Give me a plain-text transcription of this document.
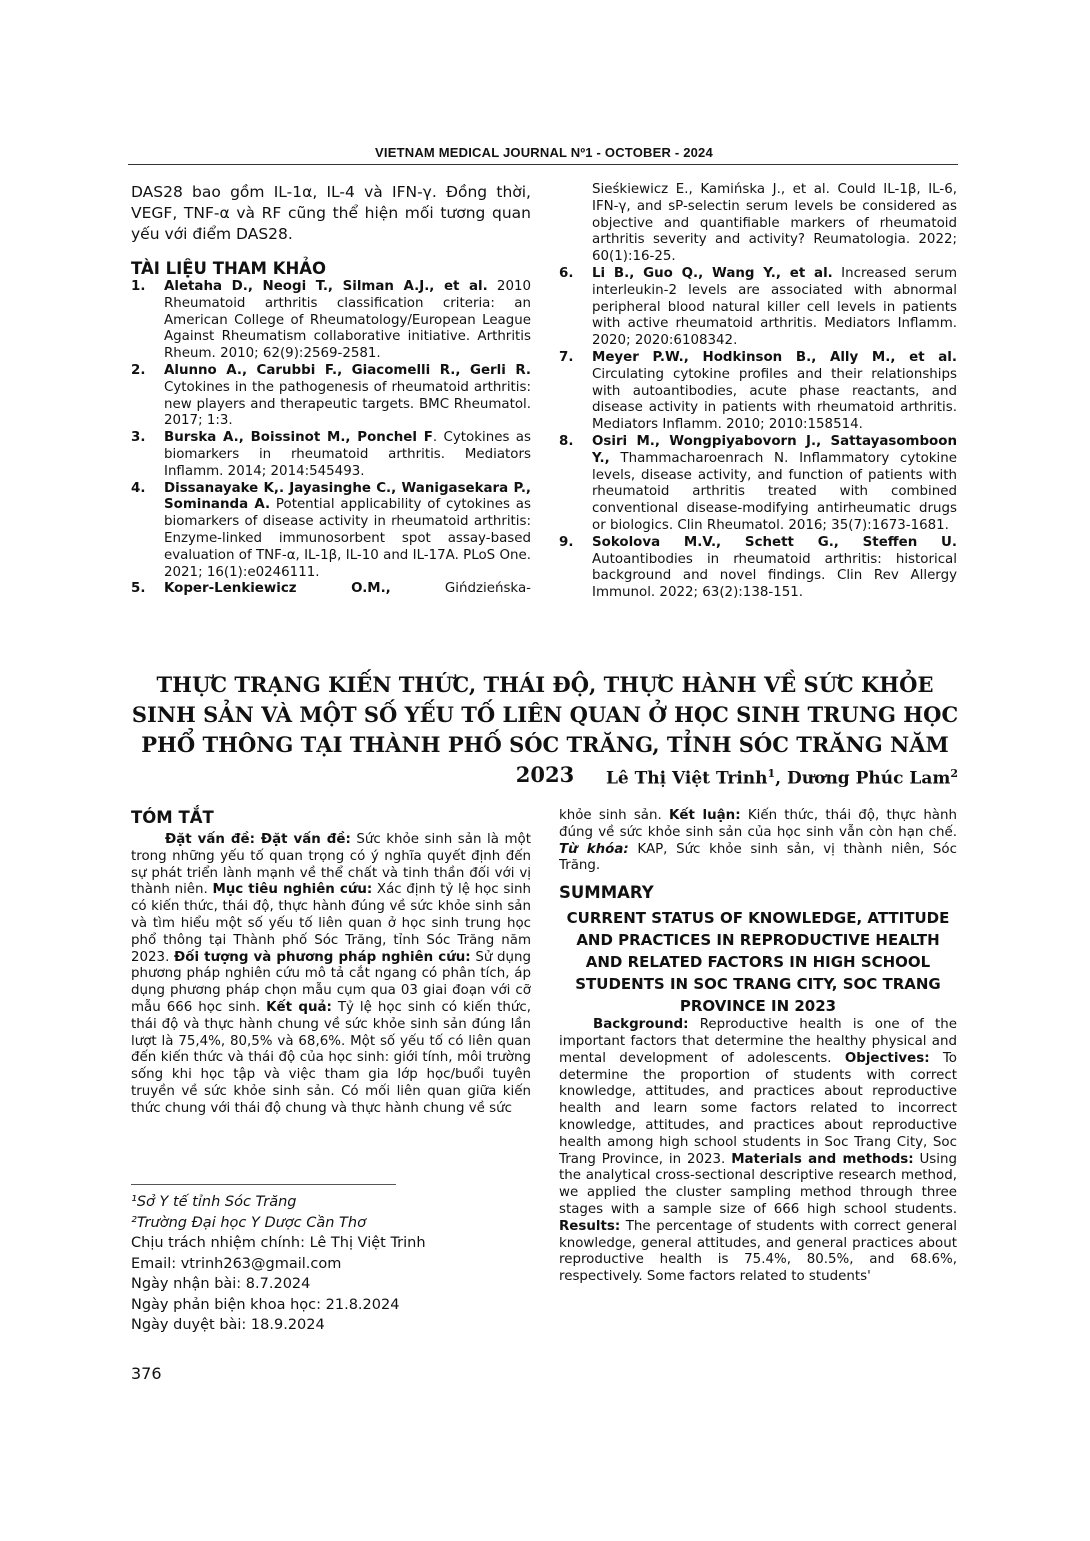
VIETNAM MEDICAL JOURNAL Nº1 - OCTOBER - 2024

DAS28 bao gồm IL-1α, IL-4 và IFN-γ. Đồng thời, VEGF, TNF-α và RF cũng thể hiện mối tương quan yếu với điểm DAS28.

TÀI LIỆU THAM KHẢO
1.	Aletaha D., Neogi T., Silman A.J., et al. 2010 Rheumatoid arthritis classification criteria: an American College of Rheumatology/European League Against Rheumatism collaborative initiative. Arthritis Rheum. 2010; 62(9):2569-2581.
2.	Alunno A., Carubbi F., Giacomelli R., Gerli R. Cytokines in the pathogenesis of rheumatoid arthritis: new players and therapeutic targets. BMC Rheumatol. 2017; 1:3.
3.	Burska A., Boissinot M., Ponchel F. Cytokines as biomarkers in rheumatoid arthritis. Mediators Inflamm. 2014; 2014:545493.
4.	Dissanayake K,. Jayasinghe C., Wanigasekara P., Sominanda A. Potential applicability of cytokines as biomarkers of disease activity in rheumatoid arthritis: Enzyme-linked immunosorbent spot assay-based evaluation of TNF-α, IL-1β, IL-10 and IL-17A. PLoS One. 2021; 16(1):e0246111.
5.	Koper-Lenkiewicz O.M., Gińdzieńska-
Sieśkiewicz E., Kamińska J., et al. Could IL-1β, IL-6, IFN-γ, and sP-selectin serum levels be considered as objective and quantifiable markers of rheumatoid arthritis severity and activity? Reumatologia. 2022; 60(1):16-25.
6.	Li B., Guo Q., Wang Y., et al. Increased serum interleukin-2 levels are associated with abnormal peripheral blood natural killer cell levels in patients with active rheumatoid arthritis. Mediators Inflamm. 2020; 2020:6108342.
7.	Meyer P.W., Hodkinson B., Ally M., et al. Circulating cytokine profiles and their relationships with autoantibodies, acute phase reactants, and disease activity in patients with rheumatoid arthritis. Mediators Inflamm. 2010; 2010:158514.
8.	Osiri M., Wongpiyabovorn J., Sattayasomboon Y., Thammacharoenrach N. Inflammatory cytokine levels, disease activity, and function of patients with rheumatoid arthritis treated with combined conventional disease-modifying antirheumatic drugs or biologics. Clin Rheumatol. 2016; 35(7):1673-1681.
9.	Sokolova M.V., Schett G., Steffen U. Autoantibodies in rheumatoid arthritis: historical background and novel findings. Clin Rev Allergy Immunol. 2022; 63(2):138-151.
THỰC TRẠNG KIẾN THỨC, THÁI ĐỘ, THỰC HÀNH VỀ SỨC KHỎE SINH SẢN VÀ MỘT SỐ YẾU TỐ LIÊN QUAN Ở HỌC SINH TRUNG HỌC PHỔ THÔNG TẠI THÀNH PHỐ SÓC TRĂNG, TỈNH SÓC TRĂNG NĂM 2023	Lê Thị Việt Trinh$^1$, Dương Phúc Lam$^2$
TÓM TẮT

Đặt vấn đề: Đặt vấn đề: Sức khỏe sinh sản là một trong những yếu tố quan trọng có ý nghĩa quyết định đến sự phát triển lành mạnh về thể chất và tinh thần đối với vị thành niên. Mục tiêu nghiên cứu: Xác định tỷ lệ học sinh có kiến thức, thái độ, thực hành đúng về sức khỏe sinh sản và tìm hiểu một số yếu tố liên quan ở học sinh trung học phổ thông tại Thành phố Sóc Trăng, tỉnh Sóc Trăng năm 2023. Đối tượng và phương pháp nghiên cứu: Sử dụng phương pháp nghiên cứu mô tả cắt ngang có phân tích, áp dụng phương pháp chọn mẫu cụm qua 03 giai đoạn với cỡ mẫu 666 học sinh. Kết quả: Tỷ lệ học sinh có kiến thức, thái độ và thực hành chung về sức khỏe sinh sản đúng lần lượt là 75,4%, 80,5% và 68,6%. Một số yếu tố có liên quan đến kiến thức và thái độ của học sinh: giới tính, môi trường sống khi học tập và việc tham gia lớp học/buổi tuyên truyền về sức khỏe sinh sản. Có mối liên quan giữa kiến thức chung với thái độ chung và thực hành chung về sức

¹Sở Y tế tỉnh Sóc Trăng
²Trường Đại học Y Dược Cần Thơ
Chịu trách nhiệm chính: Lê Thị Việt Trinh
Email: vtrinh263@gmail.com
Ngày nhận bài: 8.7.2024
Ngày phản biện khoa học: 21.8.2024
Ngày duyệt bài: 18.9.2024

khỏe sinh sản. Kết luận: Kiến thức, thái độ, thực hành đúng về sức khỏe sinh sản của học sinh vẫn còn hạn chế. Từ khóa: KAP, Sức khỏe sinh sản, vị thành niên, Sóc Trăng.

SUMMARY
CURRENT STATUS OF KNOWLEDGE, ATTITUDE AND PRACTICES IN REPRODUCTIVE HEALTH AND RELATED FACTORS IN HIGH SCHOOL STUDENTS IN SOC TRANG CITY, SOC TRANG PROVINCE IN 2023

Background: Reproductive health is one of the important factors that determine the healthy physical and mental development of adolescents. Objectives: To determine the proportion of students with correct knowledge, attitudes, and practices about reproductive health and learn some factors related to incorrect knowledge, attitudes, and practices about reproductive health among high school students in Soc Trang City, Soc Trang Province, in 2023. Materials and methods: Using the analytical cross-sectional descriptive research method, we applied the cluster sampling method through three stages with a sample size of 666 high school students. Results: The percentage of students with correct general knowledge, general attitudes, and general practices about reproductive health is 75.4%, 80.5%, and 68.6%, respectively. Some factors related to students'

376
